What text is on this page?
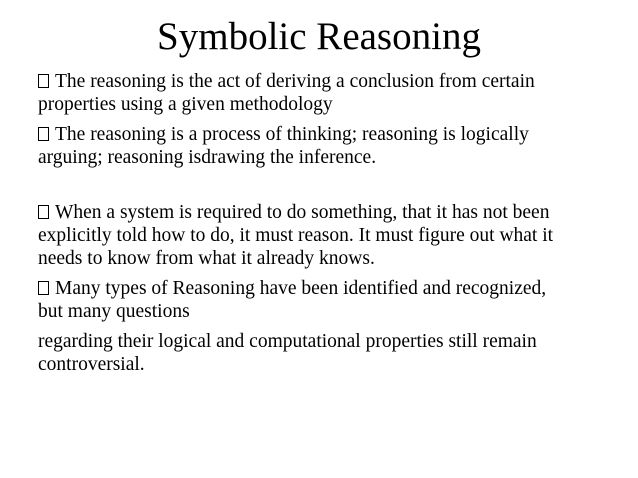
Symbolic Reasoning
The reasoning is the act of deriving a conclusion from certain
properties using a given methodology
The reasoning is a process of thinking; reasoning is logically
arguing; reasoning isdrawing the inference.
When a system is required to do something, that it has not been
explicitly told how to do, it must reason. It must figure out what it
needs to know from what it already knows.
Many types of Reasoning have been identified and recognized,
but many questions
regarding their logical and computational properties still remain
controversial.
